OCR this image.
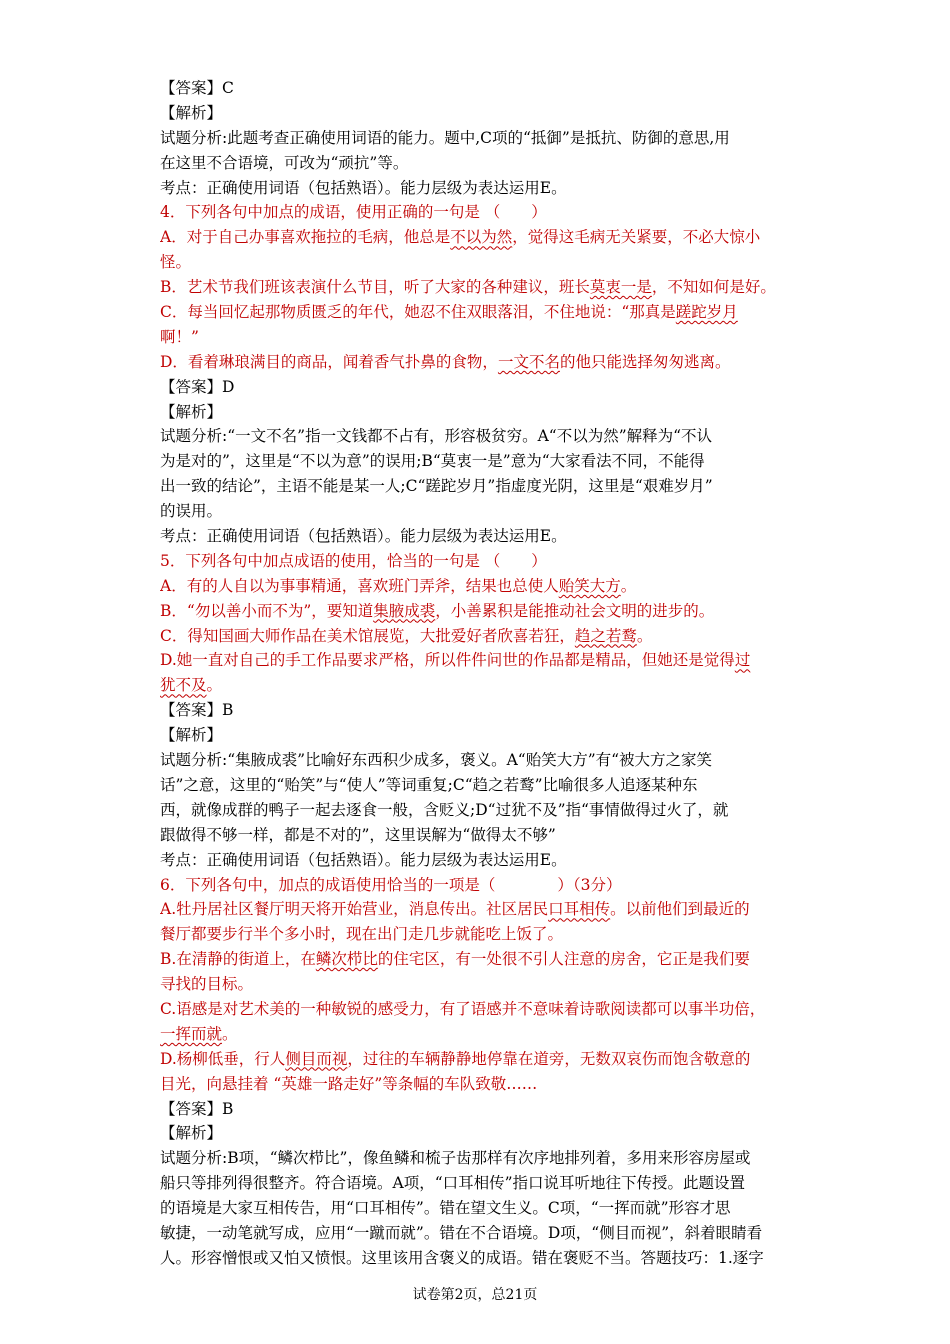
【答案】C
【解析】
试题分析:此题考查正确使用词语的能力。题中,C项的“抵御”是抵抗、防御的意思,用
在这里不合语境，可改为“顽抗”等。
考点：正确使用词语（包括熟语）。能力层级为表达运用E。
4．下列各句中加点的成语，使用正确的一句是 （　　）
A．对于自己办事喜欢拖拉的毛病，他总是不以为然，觉得这毛病无关紧要，不必大惊小
怪。
B．艺术节我们班该表演什么节目，听了大家的各种建议，班长莫衷一是，不知如何是好。
C．每当回忆起那物质匮乏的年代，她忍不住双眼落泪，不住地说：“那真是蹉跎岁月
啊！”
D．看着琳琅满目的商品，闻着香气扑鼻的食物，一文不名的他只能选择匆匆逃离。
【答案】D
【解析】
试题分析:“一文不名”指一文钱都不占有，形容极贫穷。A“不以为然”解释为“不认
为是对的”，这里是“不以为意”的误用;B“莫衷一是”意为“大家看法不同，不能得
出一致的结论”，主语不能是某一人;C“蹉跎岁月”指虚度光阴，这里是“艰难岁月”
的误用。
考点：正确使用词语（包括熟语）。能力层级为表达运用E。
5．下列各句中加点成语的使用，恰当的一句是 （　　）
A．有的人自以为事事精通，喜欢班门弄斧，结果也总使人贻笑大方。
B．“勿以善小而不为”，要知道集腋成裘，小善累积是能推动社会文明的进步的。
C．得知国画大师作品在美术馆展览，大批爱好者欣喜若狂，趋之若鹜。
D.她一直对自己的手工作品要求严格，所以件件问世的作品都是精品，但她还是觉得过
犹不及。
【答案】B
【解析】
试题分析:“集腋成裘”比喻好东西积少成多，褒义。A“贻笑大方”有“被大方之家笑
话”之意，这里的“贻笑”与“使人”等词重复;C“趋之若鹜”比喻很多人追逐某种东
西，就像成群的鸭子一起去逐食一般，含贬义;D“过犹不及”指“事情做得过火了，就
跟做得不够一样，都是不对的”，这里误解为“做得太不够”
考点：正确使用词语（包括熟语）。能力层级为表达运用E。
6．下列各句中，加点的成语使用恰当的一项是（　　　　）（3分）
A.牡丹居社区餐厅明天将开始营业，消息传出。社区居民口耳相传。以前他们到最近的
餐厅都要步行半个多小时，现在出门走几步就能吃上饭了。
B.在清静的街道上，在鳞次栉比的住宅区，有一处很不引人注意的房舍，它正是我们要
寻找的目标。
C.语感是对艺术美的一种敏锐的感受力，有了语感并不意味着诗歌阅读都可以事半功倍，
一挥而就。
D.杨柳低垂，行人侧目而视，过往的车辆静静地停靠在道旁，无数双哀伤而饱含敬意的
目光，向悬挂着 “英雄一路走好”等条幅的车队致敬……
【答案】B
【解析】
试题分析:B项，“鳞次栉比”，像鱼鳞和梳子齿那样有次序地排列着，多用来形容房屋或
船只等排列得很整齐。符合语境。A项，“口耳相传”指口说耳听地往下传授。此题设置
的语境是大家互相传告，用“口耳相传”。错在望文生义。C项，“一挥而就”形容才思
敏捷，一动笔就写成，应用“一蹴而就”。错在不合语境。D项，“侧目而视”，斜着眼睛看
人。形容憎恨或又怕又愤恨。这里该用含褒义的成语。错在褒贬不当。答题技巧：1.逐字
试卷第2页，总21页
